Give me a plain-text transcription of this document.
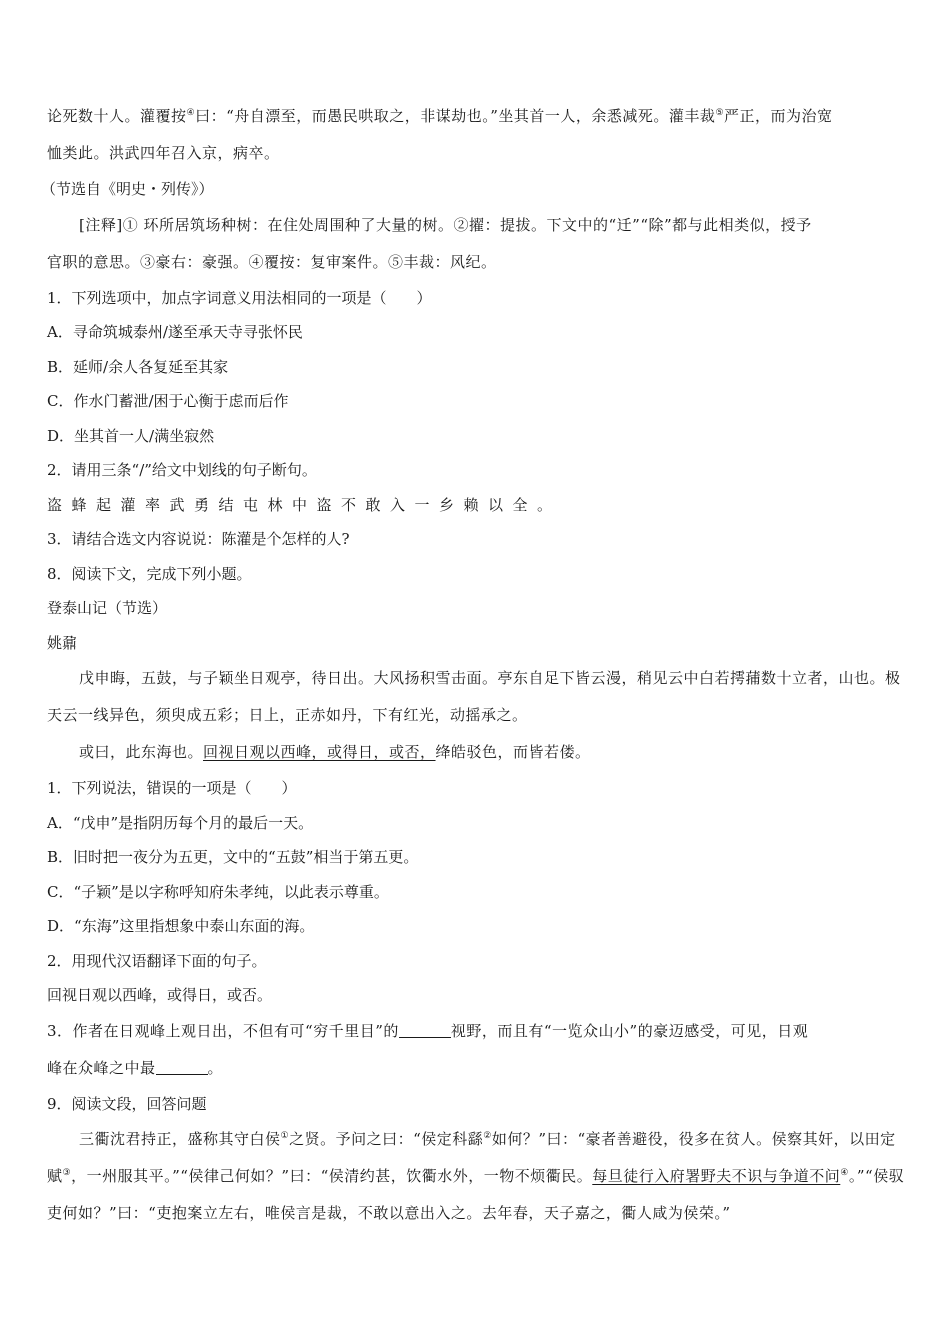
论死数十人。灌覆按④曰：“舟自漂至，而愚民哄取之，非谋劫也。”坐其首一人，余悉减死。灌丰裁⑤严正，而为治宽
恤类此。洪武四年召入京，病卒。
（节选自《明史・列传》）
[注释]① 环所居筑场种树：在住处周围种了大量的树。②擢：提拔。下文中的“迁”“除”都与此相类似，授予
官职的意思。③豪右：豪强。④覆按：复审案件。⑤丰裁：风纪。
1．下列选项中，加点字词意义用法相同的一项是（　　）
A．寻命筑城泰州/遂至承天寺寻张怀民
B．延师/余人各复延至其家
C．作水门蓄泄/困于心衡于虑而后作
D．坐其首一人/满坐寂然
2．请用三条“/”给文中划线的句子断句。
盗蜂起灌率武勇结屯林中盗不敢入一乡赖以全。
3．请结合选文内容说说：陈灌是个怎样的人?
8．阅读下文，完成下列小题。
登泰山记（节选）
姚鼐
戊申晦，五鼓，与子颖坐日观亭，待日出。大风扬积雪击面。亭东自足下皆云漫，稍见云中白若摴蒱数十立者，山也。极天云一线异色，须臾成五彩；日上，正赤如丹，下有红光，动摇承之。
或曰，此东海也。回视日观以西峰，或得日，或否，绛皓驳色，而皆若偻。
1．下列说法，错误的一项是（　　）
A．“戊申”是指阴历每个月的最后一天。
B．旧时把一夜分为五更，文中的“五鼓”相当于第五更。
C．“子颖”是以字称呼知府朱孝纯，以此表示尊重。
D．“东海”这里指想象中泰山东面的海。
2．用现代汉语翻译下面的句子。
回视日观以西峰，或得日，或否。
3．作者在日观峰上观日出，不但有可“穷千里目”的	视野，而且有“一览众山小”的豪迈感受，可见，日观
峰在众峰之中最	。
9．阅读文段，回答问题
三衢沈君持正，盛称其守白侯①之贤。予问之曰：“侯定科繇②如何？”曰：“豪者善避役，役多在贫人。侯察其奸，以田定赋③，一州服其平。”“侯律己何如？”曰：“侯清约甚，饮衢水外，一物不烦衢民。每旦徒行入府署野夫不识与争道不问④。”“侯驭吏何如？”曰：“吏抱案立左右，唯侯言是裁，不敢以意出入之。去年春，天子嘉之，衢人咸为侯荣。”
